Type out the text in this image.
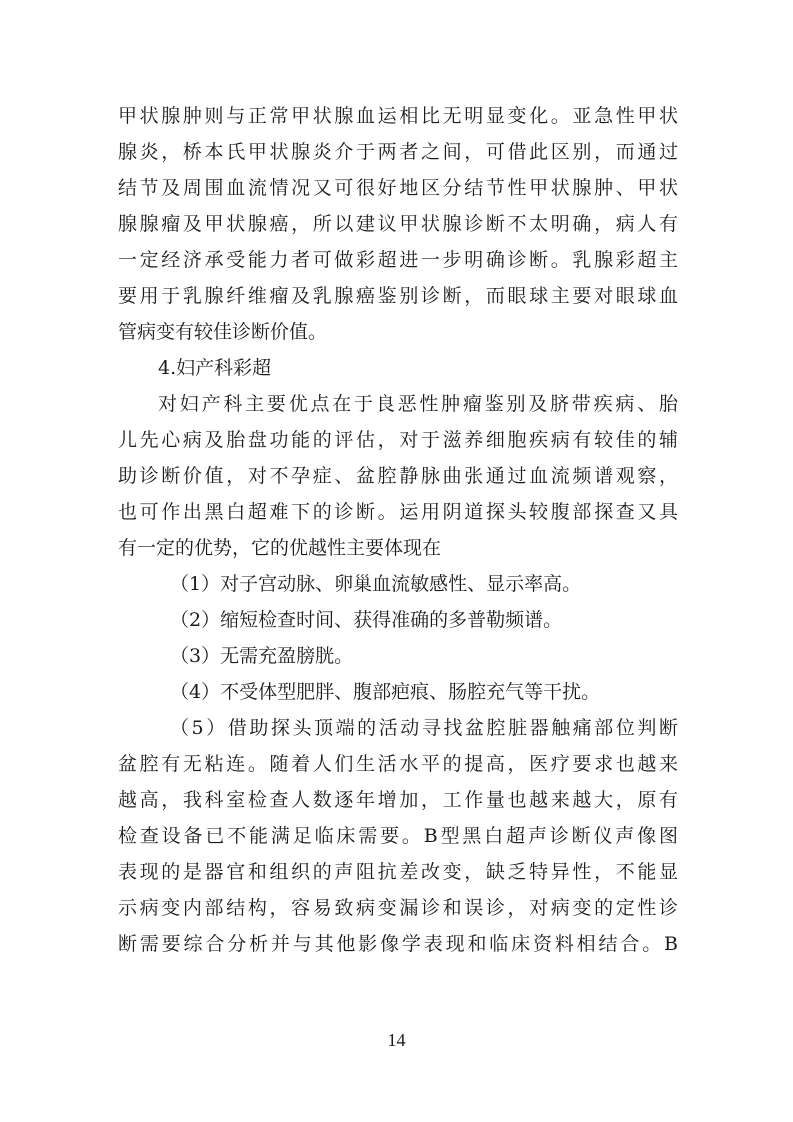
甲状腺肿则与正常甲状腺血运相比无明显变化。亚急性甲状
腺炎，桥本氏甲状腺炎介于两者之间，可借此区别，而通过
结节及周围血流情况又可很好地区分结节性甲状腺肿、甲状
腺腺瘤及甲状腺癌，所以建议甲状腺诊断不太明确，病人有
一定经济承受能力者可做彩超进一步明确诊断。乳腺彩超主
要用于乳腺纤维瘤及乳腺癌鉴别诊断，而眼球主要对眼球血
管病变有较佳诊断价值。
4.妇产科彩超
对妇产科主要优点在于良恶性肿瘤鉴别及脐带疾病、胎
儿先心病及胎盘功能的评估，对于滋养细胞疾病有较佳的辅
助诊断价值，对不孕症、盆腔静脉曲张通过血流频谱观察，
也可作出黑白超难下的诊断。运用阴道探头较腹部探查又具
有一定的优势，它的优越性主要体现在
（1）对子宫动脉、卵巢血流敏感性、显示率高。
（2）缩短检查时间、获得准确的多普勒频谱。
（3）无需充盈膀胱。
（4）不受体型肥胖、腹部疤痕、肠腔充气等干扰。
（5）借助探头顶端的活动寻找盆腔脏器触痛部位判断
盆腔有无粘连。随着人们生活水平的提高，医疗要求也越来
越高，我科室检查人数逐年增加，工作量也越来越大，原有
检查设备已不能满足临床需要。B型黑白超声诊断仪声像图
表现的是器官和组织的声阻抗差改变，缺乏特异性，不能显
示病变内部结构，容易致病变漏诊和误诊，对病变的定性诊
断需要综合分析并与其他影像学表现和临床资料相结合。B
14
